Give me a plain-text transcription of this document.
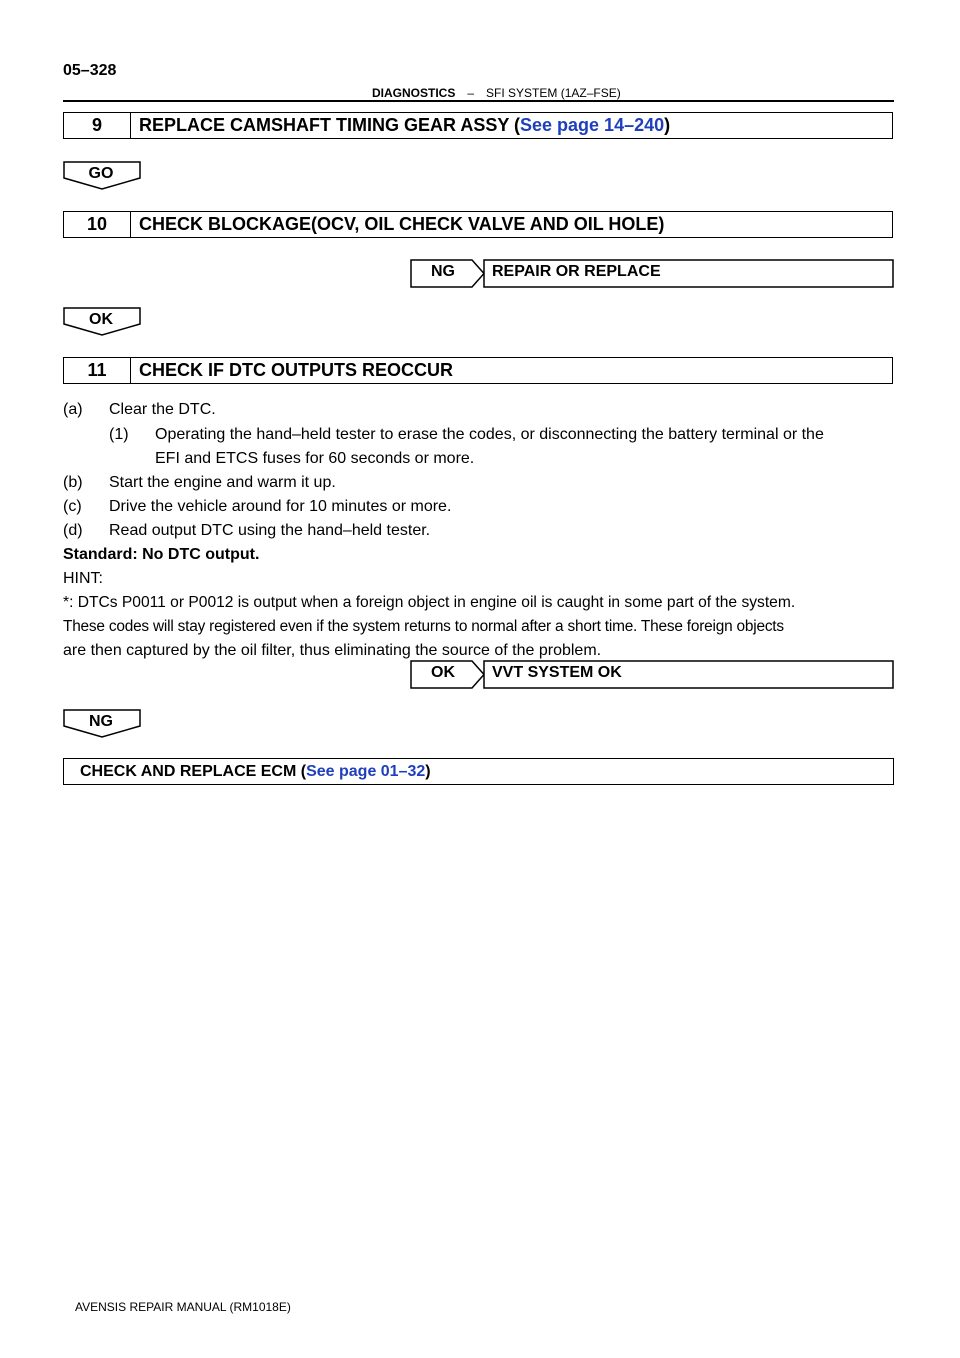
05–328
DIAGNOSTICS – SFI SYSTEM (1AZ–FSE)
9	REPLACE CAMSHAFT TIMING GEAR ASSY ( See page 14–240 )
GO
10	CHECK BLOCKAGE(OCV, OIL CHECK VALVE AND OIL HOLE)
NG	REPAIR OR REPLACE
OK
11	CHECK IF DTC OUTPUTS REOCCUR
(a) Clear the DTC.
(1) Operating the hand–held tester to erase the codes, or disconnecting the battery terminal or the
EFI and ETCS fuses for 60 seconds or more.
(b) Start the engine and warm it up.
(c) Drive the vehicle around for 10 minutes or more.
(d) Read output DTC using the hand–held tester.
Standard: No DTC output.
HINT:
*: DTCs P0011 or P0012 is output when a foreign object in engine oil is caught in some part of the system.
These codes will stay registered even if the system returns to normal after a short time. These foreign objects
are then captured by the oil filter, thus eliminating the source of the problem.
OK	VVT SYSTEM OK
NG
CHECK AND REPLACE ECM ( See page 01–32 )
AVENSIS REPAIR MANUAL (RM1018E)
